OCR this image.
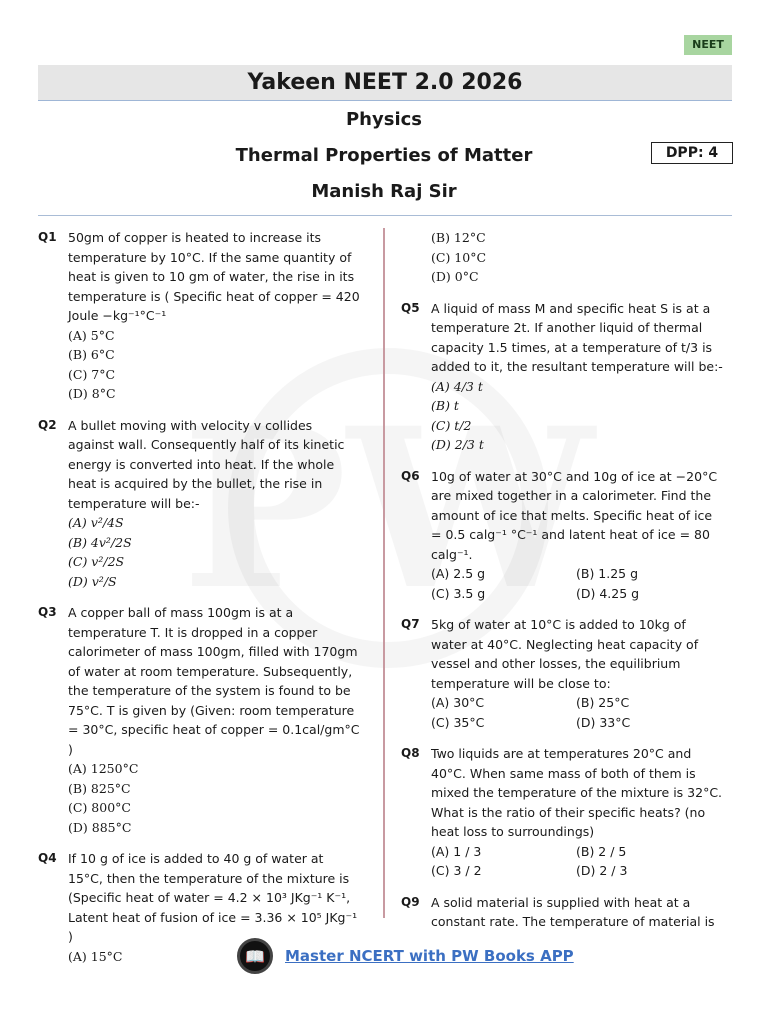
NEET
Yakeen NEET 2.0 2026
Physics
Thermal Properties of Matter
Manish Raj Sir
DPP: 4
Q1 50gm of copper is heated to increase its temperature by 10°C. If the same quantity of heat is given to 10 gm of water, the rise in its temperature is ( Specific heat of copper = 420 Joule −kg⁻¹°C⁻¹
(A) 5°C
(B) 6°C
(C) 7°C
(D) 8°C
Q2 A bullet moving with velocity v collides against wall. Consequently half of its kinetic energy is converted into heat. If the whole heat is acquired by the bullet, the rise in temperature will be:-
(A) v²/4S
(B) 4v²/2S
(C) v²/2S
(D) v²/S
Q3 A copper ball of mass 100gm is at a temperature T. It is dropped in a copper calorimeter of mass 100gm, filled with 170gm of water at room temperature. Subsequently, the temperature of the system is found to be 75°C. T is given by (Given: room temperature = 30°C, specific heat of copper = 0.1cal/gm°C )
(A) 1250°C
(B) 825°C
(C) 800°C
(D) 885°C
Q4 If 10 g of ice is added to 40 g of water at 15°C, then the temperature of the mixture is (Specific heat of water = 4.2 × 10³ JKg⁻¹ K⁻¹, Latent heat of fusion of ice = 3.36 × 10⁵ JKg⁻¹ )
(A) 15°C
(B) 12°C
(C) 10°C
(D) 0°C
Q5 A liquid of mass M and specific heat S is at a temperature 2t. If another liquid of thermal capacity 1.5 times, at a temperature of t/3 is added to it, the resultant temperature will be:-
(A) 4/3 t
(B) t
(C) t/2
(D) 2/3 t
Q6 10g of water at 30°C and 10g of ice at −20°C are mixed together in a calorimeter. Find the amount of ice that melts. Specific heat of ice = 0.5 calg⁻¹ °C⁻¹ and latent heat of ice = 80 calg⁻¹.
(A) 2.5 g	(B) 1.25 g
(C) 3.5 g	(D) 4.25 g
Q7 5kg of water at 10°C is added to 10kg of water at 40°C. Neglecting heat capacity of vessel and other losses, the equilibrium temperature will be close to:
(A) 30°C	(B) 25°C
(C) 35°C	(D) 33°C
Q8 Two liquids are at temperatures 20°C and 40°C. When same mass of both of them is mixed the temperature of the mixture is 32°C. What is the ratio of their specific heats? (no heat loss to surroundings)
(A) 1 / 3	(B) 2 / 5
(C) 3 / 2	(D) 2 / 3
Q9 A solid material is supplied with heat at a constant rate. The temperature of material is
📖	Master NCERT with PW Books APP
